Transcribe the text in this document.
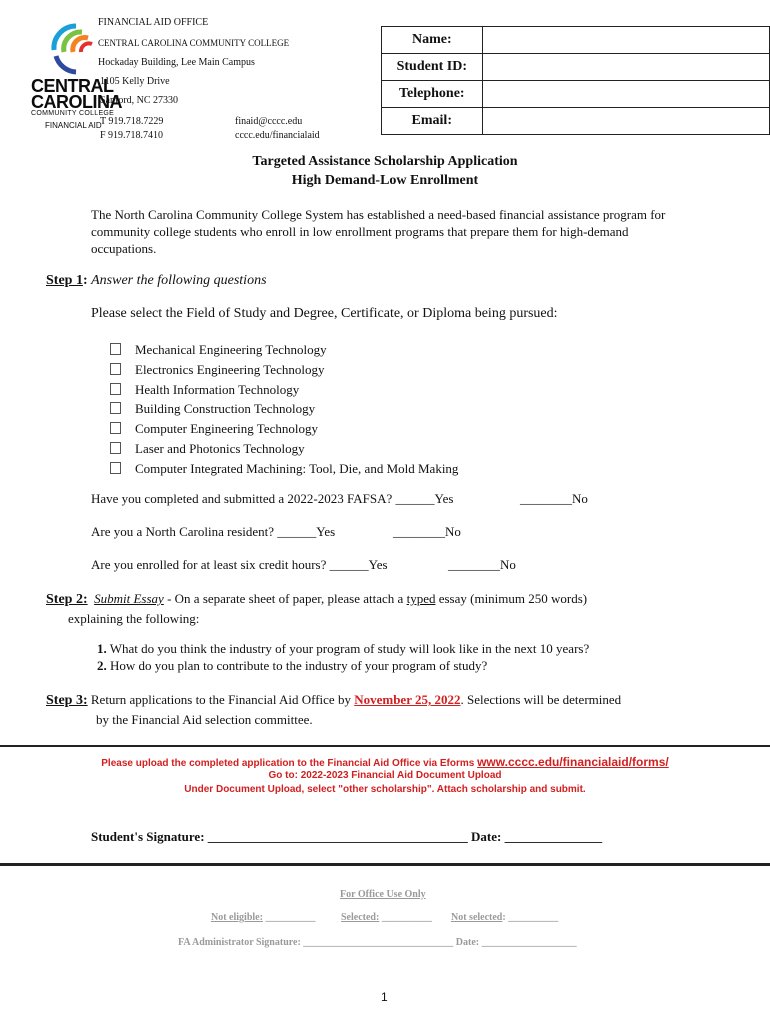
CENTRAL
CAROLINA
COMMUNITY COLLEGE
FINANCIAL AID
FINANCIAL AID OFFICE
CENTRAL CAROLINA COMMUNITY COLLEGE
Hockaday Building, Lee Main Campus
1105 Kelly Drive
Sanford, NC 27330
T 919.718.7229
F 919.718.7410
finaid@cccc.edu
cccc.edu/financialaid
Name:	
Student ID:	
Telephone:	
Email:	
Targeted Assistance Scholarship Application
High Demand-Low Enrollment
The North Carolina Community College System has established a need-based financial assistance program for community college students who enroll in low enrollment programs that prepare them for high-demand occupations.
Step 1: Answer the following questions
Please select the Field of Study and Degree, Certificate, or Diploma being pursued:
Mechanical Engineering Technology
Electronics Engineering Technology
Health Information Technology
Building Construction Technology
Computer Engineering Technology
Laser and Photonics Technology
Computer Integrated Machining: Tool, Die, and Mold Making
Have you completed and submitted a 2022-2023 FAFSA? ______Yes	________No
Are you a North Carolina resident? ______Yes	________No
Are you enrolled for at least six credit hours? ______Yes	________No
Step 2: Submit Essay - On a separate sheet of paper, please attach a typed essay (minimum 250 words)
explaining the following:
1. What do you think the industry of your program of study will look like in the next 10 years?
2. How do you plan to contribute to the industry of your program of study?
Step 3: Return applications to the Financial Aid Office by November 25, 2022. Selections will be determined
by the Financial Aid selection committee.
Please upload the completed application to the Financial Aid Office via Eforms www.cccc.edu/financialaid/forms/
Go to: 2022-2023 Financial Aid Document Upload
Under Document Upload, select "other scholarship". Attach scholarship and submit.
Student's Signature: ________________________________________ Date: _______________
For Office Use Only
Not eligible: __________	Selected: __________ Not selected: __________
FA Administrator Signature: ______________________________ Date: ___________________
1
